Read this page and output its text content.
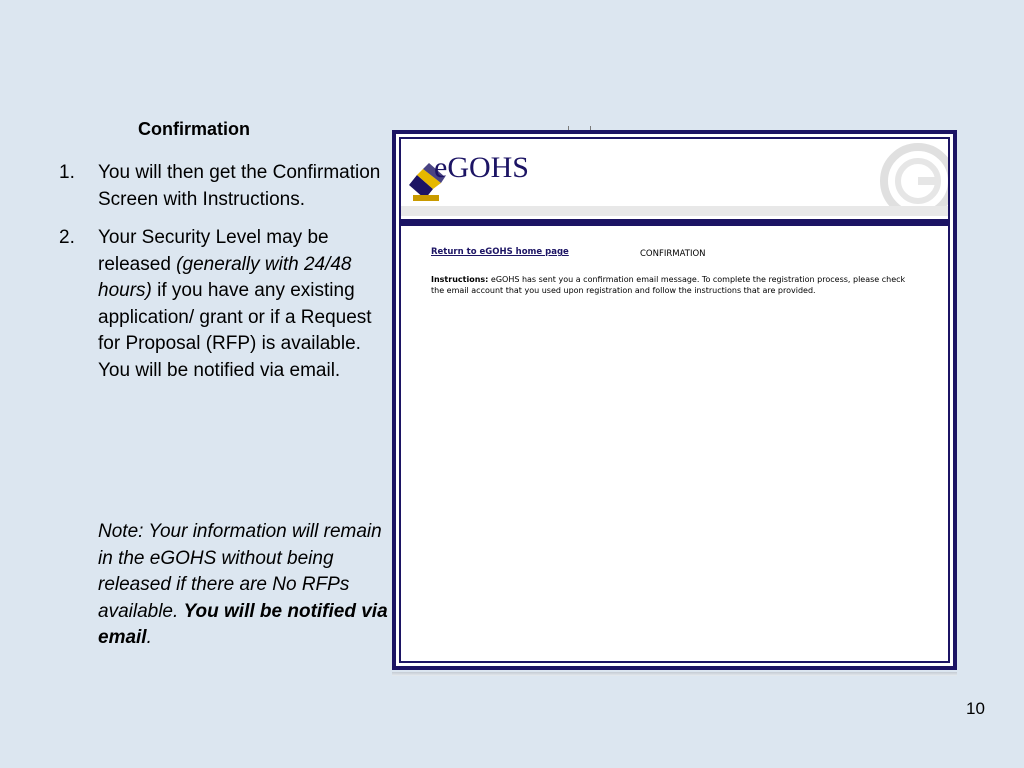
Confirmation
1. You will then get the Confirmation Screen with Instructions.
2. Your Security Level may be released (generally with 24/48 hours) if you have any existing application/ grant or if a Request for Proposal (RFP) is available. You will be notified via email.
Note: Your information will remain in the eGOHS without being released if there are No RFPs available. You will be notified via email.
eGOHS
Return to eGOHS home page	CONFIRMATION
Instructions: eGOHS has sent you a confirmation email message. To complete the registration process, please check the email account that you used upon registration and follow the instructions that are provided.
10
